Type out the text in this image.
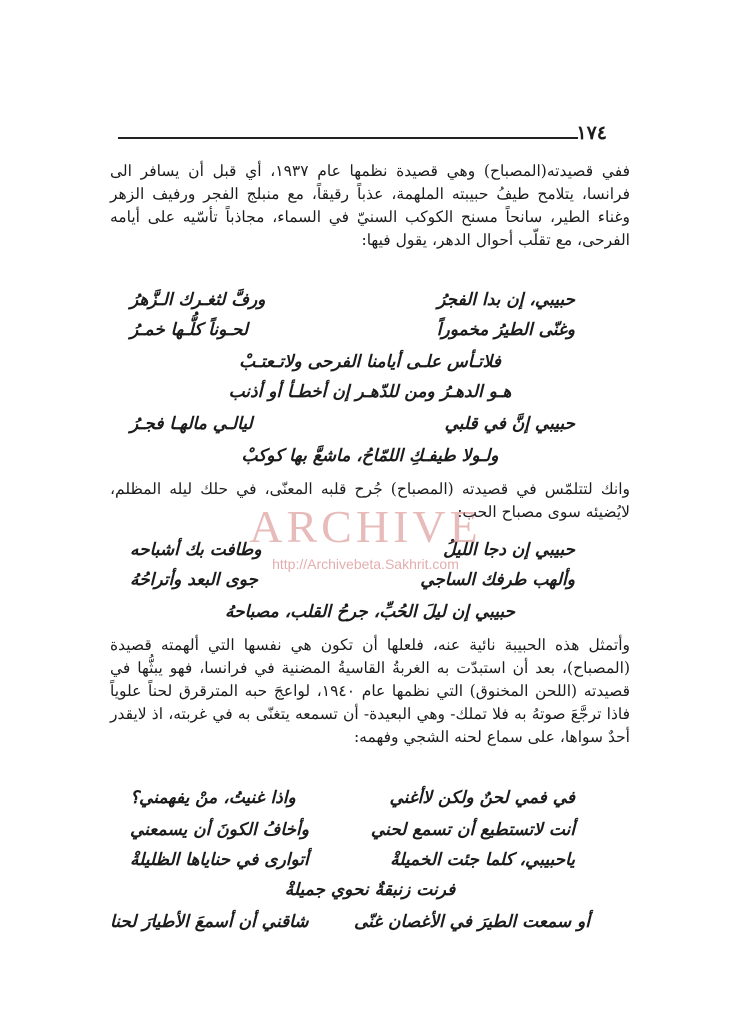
١٧٤

ففي قصيدته(المصباح) وهي قصيدة نظمها عام ١٩٣٧، أي قبل أن يسافر الى فرانسا، يتلامح طيفُ حبيبته الملهمة، عذباً رقيقاً، مع منبلج الفجر ورفيف الزهر وغناء الطير، سانحاً مسنح الكوكب السنيّ في السماء، مجاذباً تأسّيه على أيامه الفرحى، مع تقلّب أحوال الدهر، يقول فيها:

حبيبي، إن بدا الفجرُ
ورفَّ لثغـرك الـزَّهرُ
وغنّى الطيرُ مخموراً
لحـوناً كلُّـها خمـرُ
فلاتـأس علـى أيامنا الفرحى ولاتـعتـبْ
هـو الدهـرُ ومن للدّهـر إن أخطـأ أو أذنب
حبيبي إنَّ في قلبي
ليالـي مالهـا فجـرُ
ولـولا طيفـكِ اللمّاحُ، ماشعَّ بها كوكبْ

وانك لتتلمّس في قصيدته (المصباح) جُرح قلبه المعنّى، في حلك ليله المظلم، لايُضيئه سوى مصباح الحب:

حبيبي إن دجا الليلُ
وطافت بك أشباحه
وألهب طرفك الساجي
جوى البعد وأتراحُهُ
حبيبي إن ليلَ الحُبِّ، جرحُ القلب، مصباحهُ

وأتمثل هذه الحبيبة نائية عنه، فلعلها أن تكون هي نفسها التي ألهمته قصيدة (المصباح)، بعد أن استبدّت به الغربةُ القاسيةُ المضنية في فرانسا، فهو يبثُّها في قصيدته (اللحن المخنوق) التي نظمها عام ١٩٤٠، لواعجَ حبه المترقرق لحناً علوياً فاذا ترجَّعَ صوتهُ به فلا تملك- وهي البعيدة- أن تسمعه يتغنّى به في غربته، اذ لايقدر أحدٌ سواها، على سماع لحنه الشجي وفهمه:

في فمي لحنٌ ولكن لاأغني
واذا غنيتُ، منْ يفهمني؟
أنت لاتستطيع أن تسمع لحني
وأخافُ الكونَ أن يسمعني
ياحبيبي، كلما جئت الخميلةْ
أتوارى في حناياها الظليلةْ
فرنت زنبقةٌ نحوي جميلةْ
أو سمعت الطيرَ في الأغصان غنّى
شاقني أن أسمعَ الأطيارَ لحنا
ARCHIVE
http://Archivebeta.Sakhrit.com
